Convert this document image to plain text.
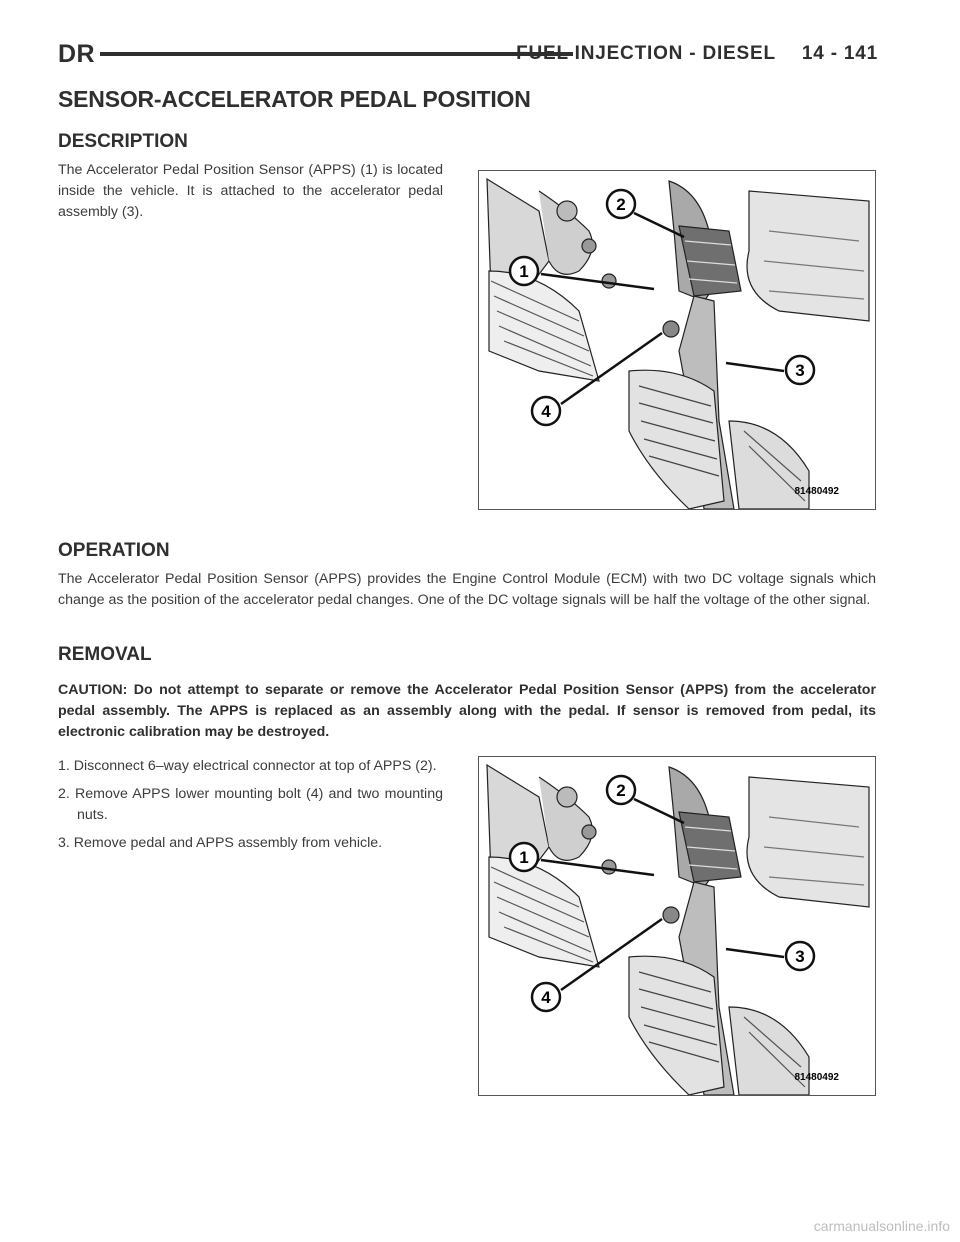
DR	FUEL INJECTION - DIESEL 14 - 141
SENSOR-ACCELERATOR PEDAL POSITION
DESCRIPTION

The Accelerator Pedal Position Sensor (APPS) (1) is located inside the vehicle. It is attached to the accelerator pedal assembly (3).

1
2
3
4
81480492
OPERATION

The Accelerator Pedal Position Sensor (APPS) provides the Engine Control Module (ECM) with two DC voltage signals which change as the position of the accelerator pedal changes. One of the DC voltage signals will be half the voltage of the other signal.

REMOVAL

CAUTION: Do not attempt to separate or remove the Accelerator Pedal Position Sensor (APPS) from the accelerator pedal assembly. The APPS is replaced as an assembly along with the pedal. If sensor is removed from pedal, its electronic calibration may be destroyed.

1. Disconnect 6–way electrical connector at top of APPS (2).
2. Remove APPS lower mounting bolt (4) and two mounting nuts.
3. Remove pedal and APPS assembly from vehicle.
1
2
3
4
81480492
carmanualsonline.info
